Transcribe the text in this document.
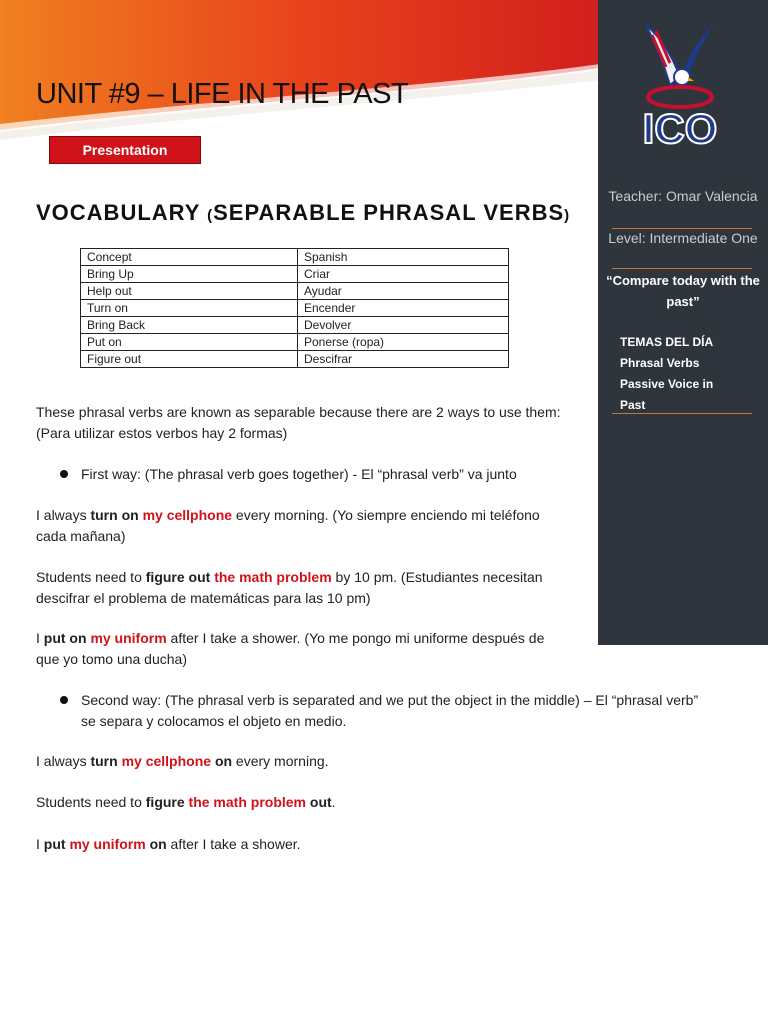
ICO
Teacher: Omar Valencia
Level: Intermediate One
“Compare today with the past”
TEMAS DEL DÍA
Phrasal Verbs
Passive Voice in Past
UNIT #9 – LIFE IN THE PAST
Presentation
VOCABULARY (SEPARABLE PHRASAL VERBS)
Concept	Spanish
Bring Up	Criar
Help out	Ayudar
Turn on	Encender
Bring Back	Devolver
Put on	Ponerse (ropa)
Figure out	Descifrar
These phrasal verbs are known as separable because there are 2 ways to use them:
(Para utilizar estos verbos hay 2 formas)
First way: (The phrasal verb goes together) - El “phrasal verb” va junto
I always turn on my cellphone every morning. (Yo siempre enciendo mi teléfono
cada mañana)
Students need to figure out the math problem by 10 pm. (Estudiantes necesitan
descifrar el problema de matemáticas para las 10 pm)
I put on my uniform after I take a shower. (Yo me pongo mi uniforme después de
que yo tomo una ducha)
Second way: (The phrasal verb is separated and we put the object in the middle) – El “phrasal verb”
se separa y colocamos el objeto en medio.
I always turn my cellphone on every morning.
Students need to figure the math problem out.
I put my uniform on after I take a shower.
